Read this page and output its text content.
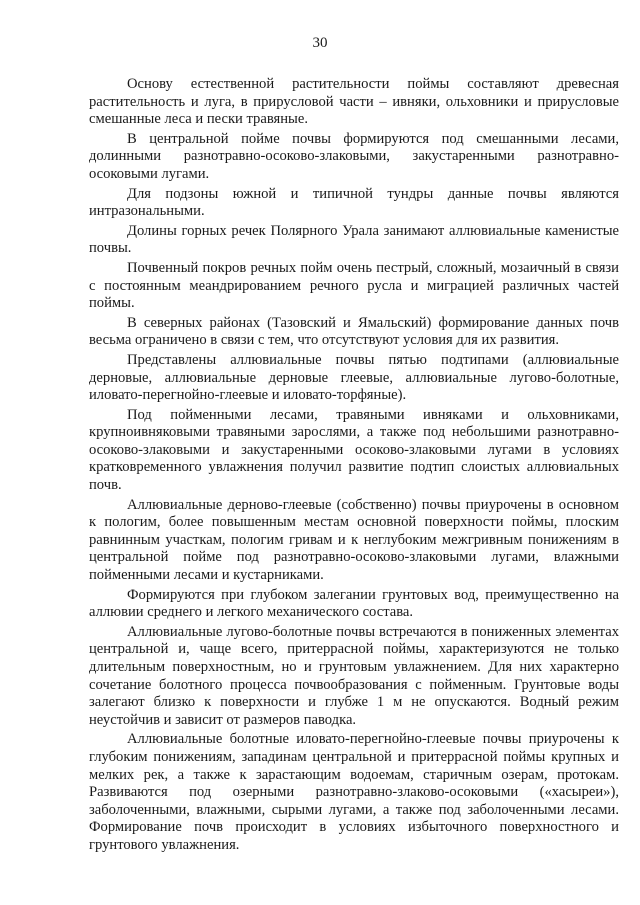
30

Основу естественной растительности поймы составляют древесная растительность и луга, в прирусловой части – ивняки, ольховники и прирусловые смешанные леса и пески травяные.

В центральной пойме почвы формируются под смешанными лесами, долинными разнотравно-осоково-злаковыми, закустаренными разнотравно-осоковыми лугами.

Для подзоны южной и типичной тундры данные почвы являются интразональными.

Долины горных речек Полярного Урала занимают аллювиальные каменистые почвы.

Почвенный покров речных пойм очень пестрый, сложный, мозаичный в связи с постоянным меандрированием речного русла и миграцией различных частей поймы.

В северных районах (Тазовский и Ямальский) формирование данных почв весьма ограничено в связи с тем, что отсутствуют условия для их развития.

Представлены аллювиальные почвы пятью подтипами (аллювиальные дерновые, аллювиальные дерновые глеевые, аллювиальные лугово-болотные, иловато-перегнойно-глеевые и иловато-торфяные).

Под пойменными лесами, травяными ивняками и ольховниками, крупноивняковыми травяными зарослями, а также под небольшими разнотравно-осоково-злаковыми и закустаренными осоково-злаковыми лугами в условиях кратковременного увлажнения получил развитие подтип слоистых аллювиальных почв.

Аллювиальные дерново-глеевые (собственно) почвы приурочены в основном к пологим, более повышенным местам основной поверхности поймы, плоским равнинным участкам, пологим гривам и к неглубоким межгривным понижениям в центральной пойме под разнотравно-осоково-злаковыми лугами, влажными пойменными лесами и кустарниками.

Формируются при глубоком залегании грунтовых вод, преимущественно на аллювии среднего и легкого механического состава.

Аллювиальные лугово-болотные почвы встречаются в пониженных элементах центральной и, чаще всего, притеррасной поймы, характеризуются не только длительным поверхностным, но и грунтовым увлажнением. Для них характерно сочетание болотного процесса почвообразования с пойменным. Грунтовые воды залегают близко к поверхности и глубже 1 м не опускаются. Водный режим неустойчив и зависит от размеров паводка.

Аллювиальные болотные иловато-перегнойно-глеевые почвы приурочены к глубоким понижениям, западинам центральной и притеррасной поймы крупных и мелких рек, а также к зарастающим водоемам, старичным озерам, протокам. Развиваются под озерными разнотравно-злаково-осоковыми («хасыреи»), заболоченными, влажными, сырыми лугами, а также под заболоченными лесами. Формирование почв происходит в условиях избыточного поверхностного и грунтового увлажнения.
